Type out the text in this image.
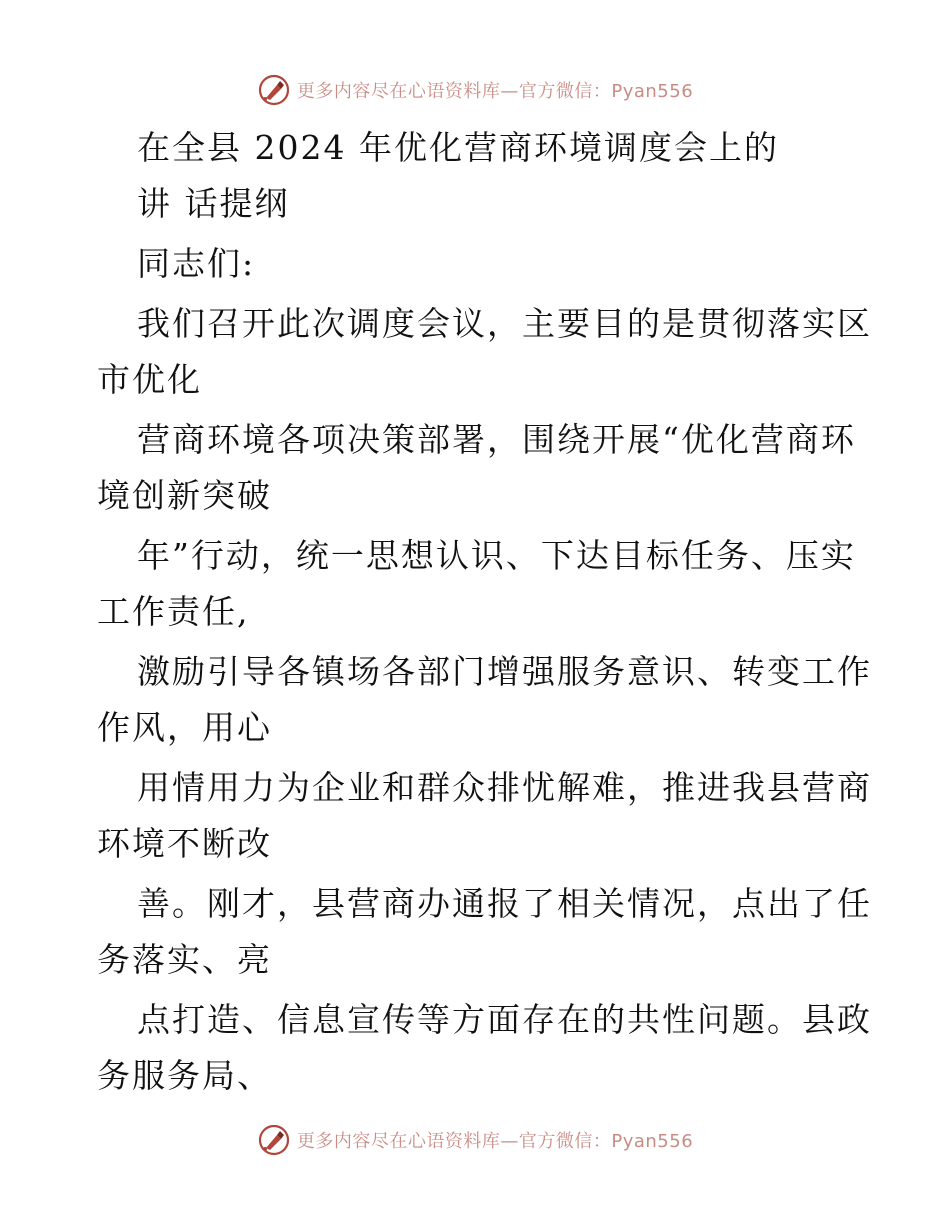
更多内容尽在心语资料库—官方微信：Pyan556
在全县 2024 年优化营商环境调度会上的
讲 话提纲
同志们:
我们召开此次调度会议，主要目的是贯彻落实区
市优化
营商环境各项决策部署，围绕开展“优化营商环
境创新突破
年”行动，统一思想认识、下达目标任务、压实
工作责任,
激励引导各镇场各部门增强服务意识、转变工作
作风，用心
用情用力为企业和群众排忧解难，推进我县营商
环境不断改
善。刚才，县营商办通报了相关情况，点出了任
务落实、亮
点打造、信息宣传等方面存在的共性问题。县政
务服务局、
更多内容尽在心语资料库—官方微信：Pyan556
